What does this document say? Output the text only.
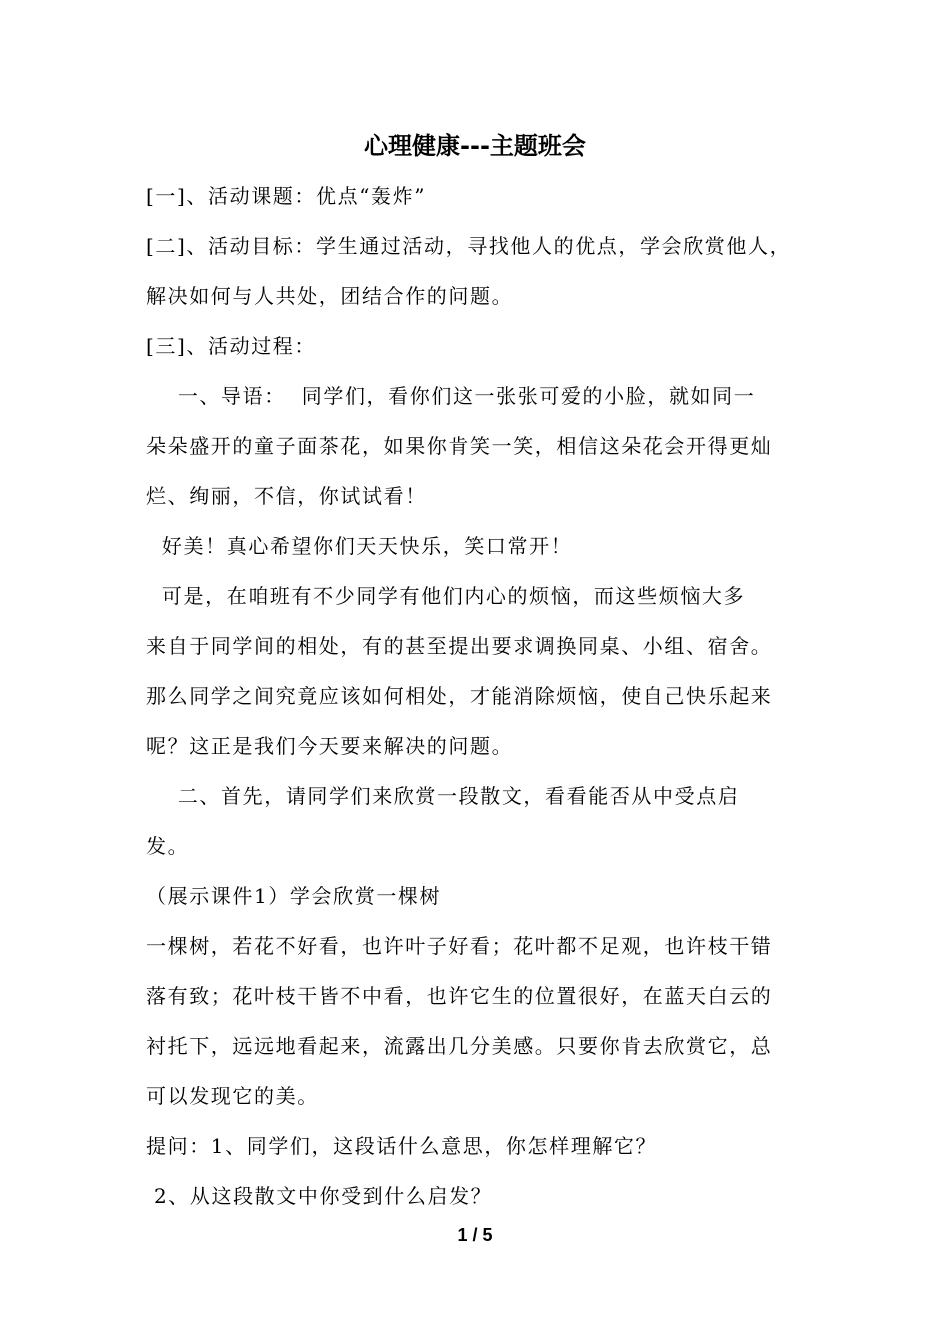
心理健康---主题班会
[一]、活动课题：优点“轰炸”
[二]、活动目标：学生通过活动，寻找他人的优点，学会欣赏他人，
解决如何与人共处，团结合作的问题。
[三]、活动过程：
一、导语：  同学们，看你们这一张张可爱的小脸，就如同一
朵朵盛开的童子面茶花，如果你肯笑一笑，相信这朵花会开得更灿
烂、绚丽，不信，你试试看！
好美！真心希望你们天天快乐，笑口常开！
可是，在咱班有不少同学有他们内心的烦恼，而这些烦恼大多
来自于同学间的相处，有的甚至提出要求调换同桌、小组、宿舍。
那么同学之间究竟应该如何相处，才能消除烦恼，使自己快乐起来
呢？这正是我们今天要来解决的问题。
二、首先，请同学们来欣赏一段散文，看看能否从中受点启
发。
（展示课件1）学会欣赏一棵树
一棵树，若花不好看，也许叶子好看；花叶都不足观，也许枝干错
落有致；花叶枝干皆不中看，也许它生的位置很好，在蓝天白云的
衬托下，远远地看起来，流露出几分美感。只要你肯去欣赏它，总
可以发现它的美。
提问：1、同学们，这段话什么意思，你怎样理解它？
2、从这段散文中你受到什么启发？
1 / 5
